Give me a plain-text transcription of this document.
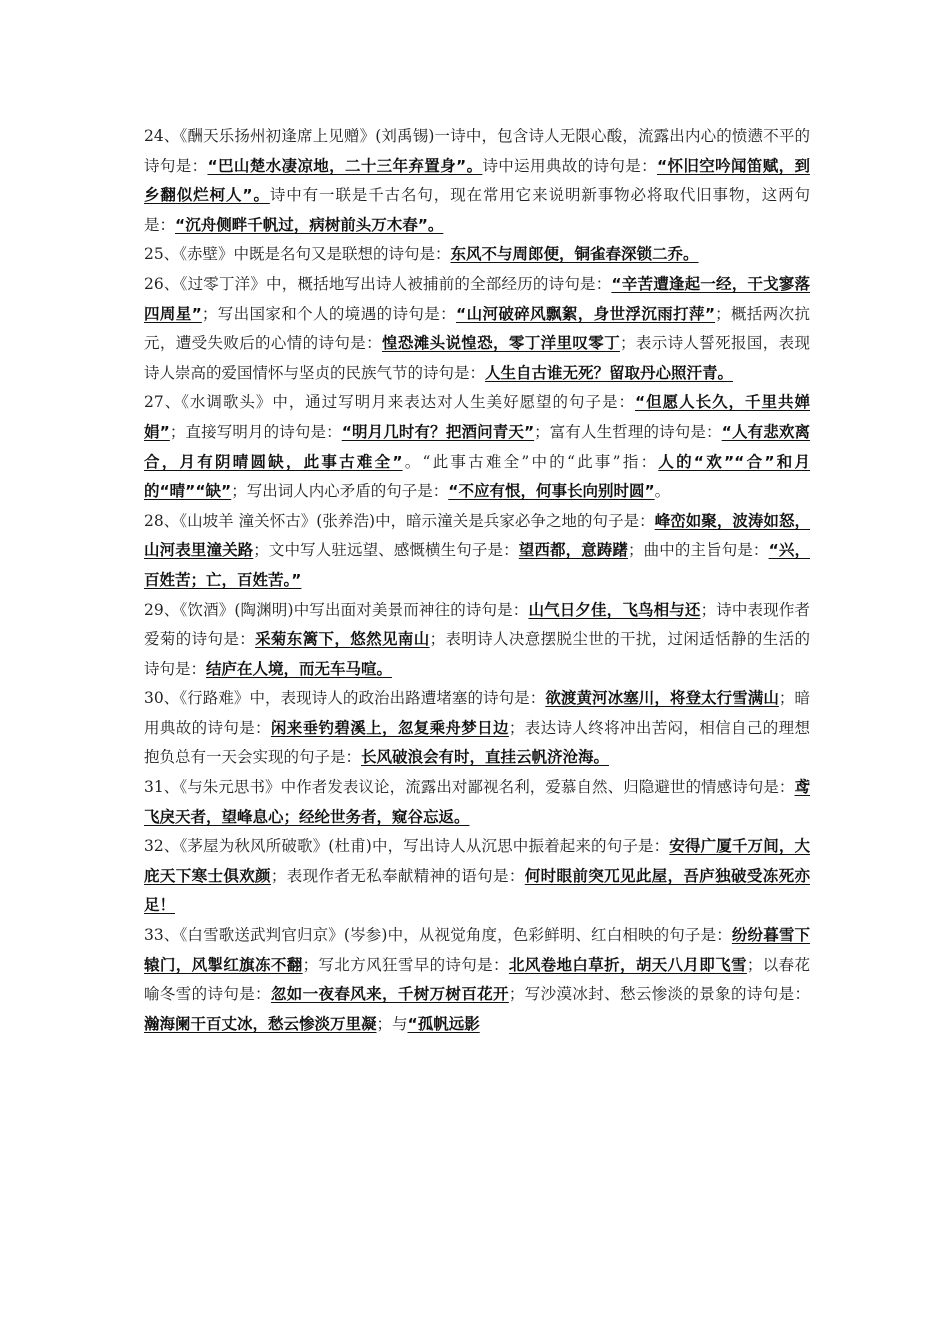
24、《酬天乐扬州初逢席上见赠》(刘禹锡)一诗中，包含诗人无限心酸，流露出内心的愤懑不平的诗句是：“巴山楚水凄凉地，二十三年弃置身”。诗中运用典故的诗句是：“怀旧空吟闻笛赋，到乡翻似烂柯人”。诗中有一联是千古名句，现在常用它来说明新事物必将取代旧事物，这两句是：“沉舟侧畔千帆过，病树前头万木春”。

25、《赤壁》中既是名句又是联想的诗句是：东风不与周郎便，铜雀春深锁二乔。

26、《过零丁洋》中，概括地写出诗人被捕前的全部经历的诗句是：“辛苦遭逢起一经，干戈寥落四周星”；写出国家和个人的境遇的诗句是：“山河破碎风飘絮，身世浮沉雨打萍”；概括两次抗元，遭受失败后的心情的诗句是：惶恐滩头说惶恐，零丁洋里叹零丁；表示诗人誓死报国，表现诗人崇高的爱国情怀与坚贞的民族气节的诗句是：人生自古谁无死？留取丹心照汗青。

27、《水调歌头》中，通过写明月来表达对人生美好愿望的句子是：“但愿人长久，千里共婵娟”；直接写明月的诗句是：“明月几时有？把酒问青天”；富有人生哲理的诗句是：“人有悲欢离合，月有阴晴圆缺，此事古难全”。“此事古难全”中的“此事”指：人的“欢”“合”和月的“晴”“缺”；写出词人内心矛盾的句子是：“不应有恨，何事长向别时圆”。

28、《山坡羊 潼关怀古》(张养浩)中，暗示潼关是兵家必争之地的句子是：峰峦如聚，波涛如怒，山河表里潼关路；文中写人驻远望、感慨横生句子是：望西都，意踌躇；曲中的主旨句是：“兴，百姓苦；亡，百姓苦。”

29、《饮酒》(陶渊明)中写出面对美景而神往的诗句是：山气日夕佳，飞鸟相与还；诗中表现作者爱菊的诗句是：采菊东篱下，悠然见南山；表明诗人决意摆脱尘世的干扰，过闲适恬静的生活的诗句是：结庐在人境，而无车马喧。

30、《行路难》中，表现诗人的政治出路遭堵塞的诗句是：欲渡黄河冰塞川，将登太行雪满山；暗用典故的诗句是：闲来垂钓碧溪上，忽复乘舟梦日边；表达诗人终将冲出苦闷，相信自己的理想抱负总有一天会实现的句子是：长风破浪会有时，直挂云帆济沧海。

31、《与朱元思书》中作者发表议论，流露出对鄙视名利，爱慕自然、归隐避世的情感诗句是：鸢飞戾天者，望峰息心；经纶世务者，窥谷忘返。

32、《茅屋为秋风所破歌》(杜甫)中，写出诗人从沉思中振着起来的句子是：安得广厦千万间，大庇天下寒士俱欢颜；表现作者无私奉献精神的语句是：何时眼前突兀见此屋，吾庐独破受冻死亦足！

33、《白雪歌送武判官归京》(岑参)中，从视觉角度，色彩鲜明、红白相映的句子是：纷纷暮雪下辕门，风掣红旗冻不翻；写北方风狂雪早的诗句是：北风卷地白草折，胡天八月即飞雪；以春花喻冬雪的诗句是：忽如一夜春风来，千树万树百花开；写沙漠冰封、愁云惨淡的景象的诗句是：瀚海阑干百丈冰，愁云惨淡万里凝；与“孤帆远影
